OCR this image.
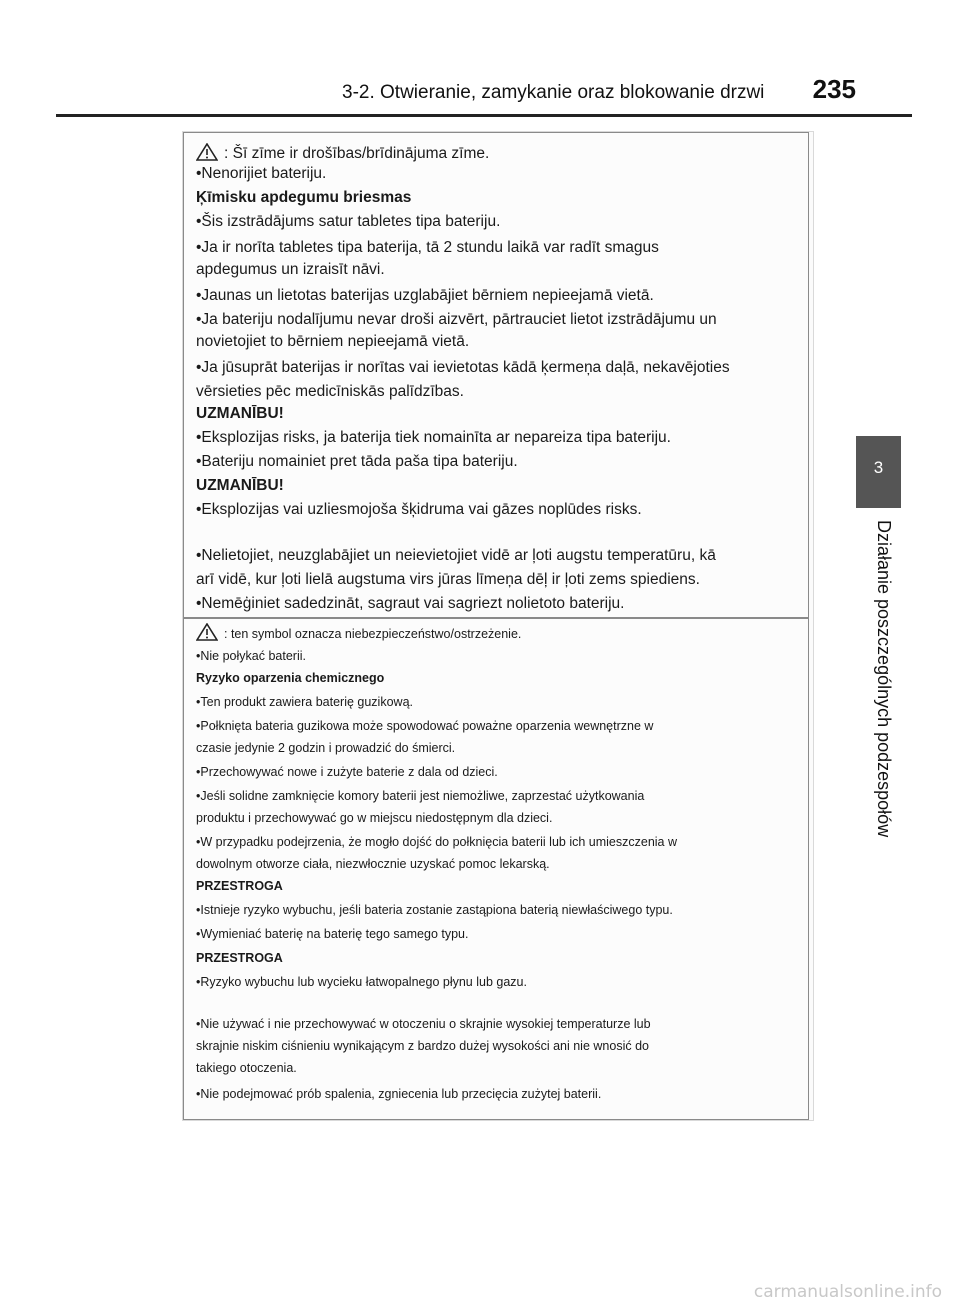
3-2. Otwieranie, zamykanie oraz blokowanie drzwi	235
3
Działanie poszczególnych podzespołów
: Šī zīme ir drošības/brīdinājuma zīme.
•Nenorijiet bateriju.
Ķīmisku apdegumu briesmas
•Šis izstrādājums satur tabletes tipa bateriju.
•Ja ir norīta tabletes tipa baterija, tā 2 stundu laikā var radīt smagus
apdegumus un izraisīt nāvi.
•Jaunas un lietotas baterijas uzglabājiet bērniem nepieejamā vietā.
•Ja bateriju nodalījumu nevar droši aizvērt, pārtrauciet lietot izstrādājumu un
novietojiet to bērniem nepieejamā vietā.
•Ja jūsuprāt baterijas ir norītas vai ievietotas kādā ķermeņa daļā, nekavējoties
vērsieties pēc medicīniskās palīdzības.
UZMANĪBU!
•Eksplozijas risks, ja baterija tiek nomainīta ar nepareiza tipa bateriju.
•Bateriju nomainiet pret tāda paša tipa bateriju.
UZMANĪBU!
•Eksplozijas vai uzliesmojoša šķidruma vai gāzes noplūdes risks.
•Nelietojiet, neuzglabājiet un neievietojiet vidē ar ļoti augstu temperatūru, kā
arī vidē, kur ļoti lielā augstuma virs jūras līmeņa dēļ ir ļoti zems spiediens.
•Nemēģiniet sadedzināt, sagraut vai sagriezt nolietoto bateriju.
: ten symbol oznacza niebezpieczeństwo/ostrzeżenie.
•Nie połykać baterii.
Ryzyko oparzenia chemicznego
•Ten produkt zawiera baterię guzikową.
•Połknięta bateria guzikowa może spowodować poważne oparzenia wewnętrzne w
czasie jedynie 2 godzin i prowadzić do śmierci.
•Przechowywać nowe i zużyte baterie z dala od dzieci.
•Jeśli solidne zamknięcie komory baterii jest niemożliwe, zaprzestać użytkowania
produktu i przechowywać go w miejscu niedostępnym dla dzieci.
•W przypadku podejrzenia, że mogło dojść do połknięcia baterii lub ich umieszczenia w
dowolnym otworze ciała, niezwłocznie uzyskać pomoc lekarską.
PRZESTROGA
•Istnieje ryzyko wybuchu, jeśli bateria zostanie zastąpiona baterią niewłaściwego typu.
•Wymieniać baterię na baterię tego samego typu.
PRZESTROGA
•Ryzyko wybuchu lub wycieku łatwopalnego płynu lub gazu.
•Nie używać i nie przechowywać w otoczeniu o skrajnie wysokiej temperaturze lub
skrajnie niskim ciśnieniu wynikającym z bardzo dużej wysokości ani nie wnosić do
takiego otoczenia.
•Nie podejmować prób spalenia, zgniecenia lub przecięcia zużytej baterii.
carmanualsonline.info
